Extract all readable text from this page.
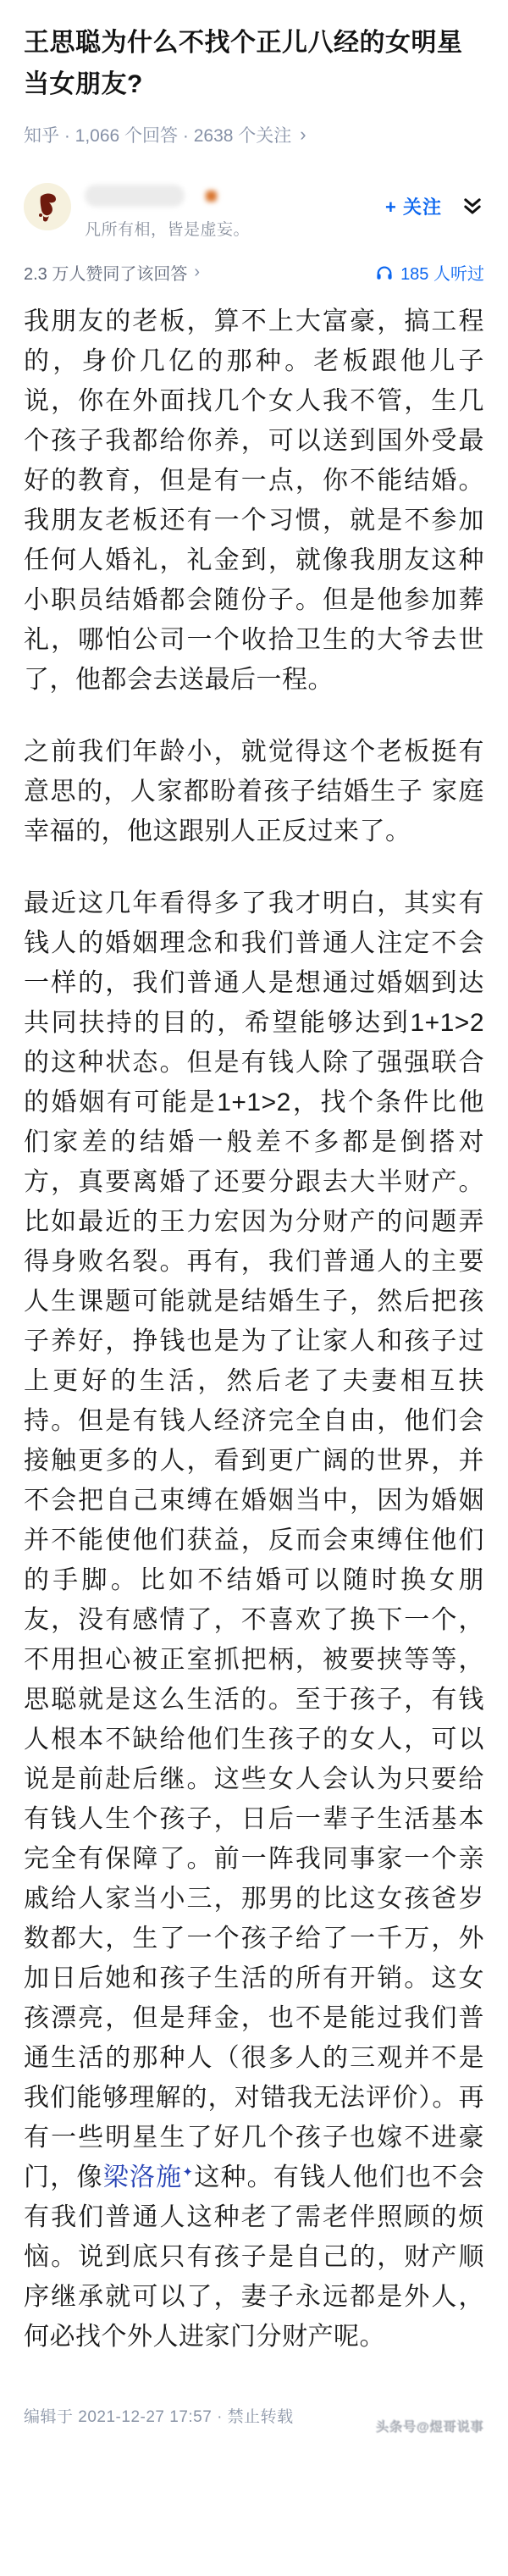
王思聪为什么不找个正儿八经的女明星当女朋友?
知乎 · 1,066 个回答 · 2638 个关注 ›
凡所有相，皆是虚妄。
+ 关注
2.3 万人赞同了该回答 ›	185 人听过

我朋友的老板，算不上大富豪，搞工程的，身价几亿的那种。老板跟他儿子说，你在外面找几个女人我不管，生几个孩子我都给你养，可以送到国外受最好的教育，但是有一点，你不能结婚。我朋友老板还有一个习惯，就是不参加任何人婚礼，礼金到，就像我朋友这种小职员结婚都会随份子。但是他参加葬礼，哪怕公司一个收拾卫生的大爷去世了，他都会去送最后一程。

之前我们年龄小，就觉得这个老板挺有意思的，人家都盼着孩子结婚生子 家庭幸福的，他这跟别人正反过来了。

最近这几年看得多了我才明白，其实有钱人的婚姻理念和我们普通人注定不会一样的，我们普通人是想通过婚姻到达共同扶持的目的，希望能够达到1+1>2的这种状态。但是有钱人除了强强联合的婚姻有可能是1+1>2，找个条件比他们家差的结婚一般差不多都是倒搭对方，真要离婚了还要分跟去大半财产。比如最近的王力宏因为分财产的问题弄得身败名裂。再有，我们普通人的主要人生课题可能就是结婚生子，然后把孩子养好，挣钱也是为了让家人和孩子过上更好的生活，然后老了夫妻相互扶持。但是有钱人经济完全自由，他们会接触更多的人，看到更广阔的世界，并不会把自己束缚在婚姻当中，因为婚姻并不能使他们获益，反而会束缚住他们的手脚。比如不结婚可以随时换女朋友，没有感情了，不喜欢了换下一个，不用担心被正室抓把柄，被要挟等等，思聪就是这么生活的。至于孩子，有钱人根本不缺给他们生孩子的女人，可以说是前赴后继。这些女人会认为只要给有钱人生个孩子，日后一辈子生活基本完全有保障了。前一阵我同事家一个亲戚给人家当小三，那男的比这女孩爸岁数都大，生了一个孩子给了一千万，外加日后她和孩子生活的所有开销。这女孩漂亮，但是拜金，也不是能过我们普通生活的那种人（很多人的三观并不是我们能够理解的，对错我无法评价）。再有一些明星生了好几个孩子也嫁不进豪门，像梁洛施✦这种。有钱人他们也不会有我们普通人这种老了需老伴照顾的烦恼。说到底只有孩子是自己的，财产顺序继承就可以了，妻子永远都是外人，何必找个外人进家门分财产呢。

编辑于 2021-12-27 17:57 · 禁止转载
头条号@煜哥说事
